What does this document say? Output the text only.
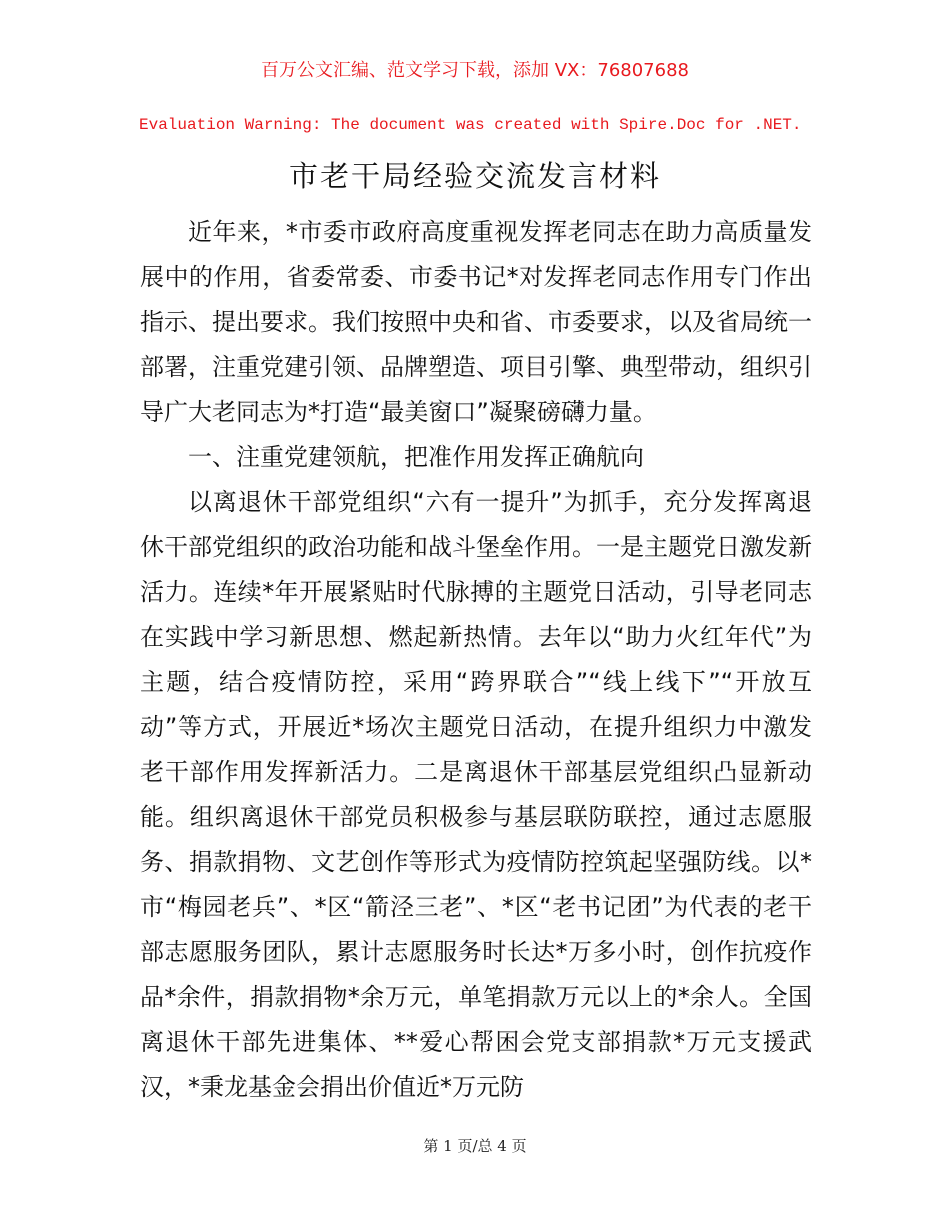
百万公文汇编、范文学习下载，添加 VX：76807688
Evaluation Warning: The document was created with Spire.Doc for .NET.
市老干局经验交流发言材料

近年来，*市委市政府高度重视发挥老同志在助力高质量发展中的作用，省委常委、市委书记*对发挥老同志作用专门作出指示、提出要求。我们按照中央和省、市委要求，以及省局统一部署，注重党建引领、品牌塑造、项目引擎、典型带动，组织引导广大老同志为*打造“最美窗口”凝聚磅礴力量。

一、注重党建领航，把准作用发挥正确航向

以离退休干部党组织“六有一提升”为抓手，充分发挥离退休干部党组织的政治功能和战斗堡垒作用。一是主题党日激发新活力。连续*年开展紧贴时代脉搏的主题党日活动，引导老同志在实践中学习新思想、燃起新热情。去年以“助力火红年代”为主题，结合疫情防控，采用“跨界联合”“线上线下”“开放互动”等方式，开展近*场次主题党日活动，在提升组织力中激发老干部作用发挥新活力。二是离退休干部基层党组织凸显新动能。组织离退休干部党员积极参与基层联防联控，通过志愿服务、捐款捐物、文艺创作等形式为疫情防控筑起坚强防线。以*市“梅园老兵”、*区“箭泾三老”、*区“老书记团”为代表的老干部志愿服务团队，累计志愿服务时长达*万多小时，创作抗疫作品*余件，捐款捐物*余万元，单笔捐款万元以上的*余人。全国离退休干部先进集体、**爱心帮困会党支部捐款*万元支援武汉，*秉龙基金会捐出价值近*万元防

第 1 页/总 4 页
